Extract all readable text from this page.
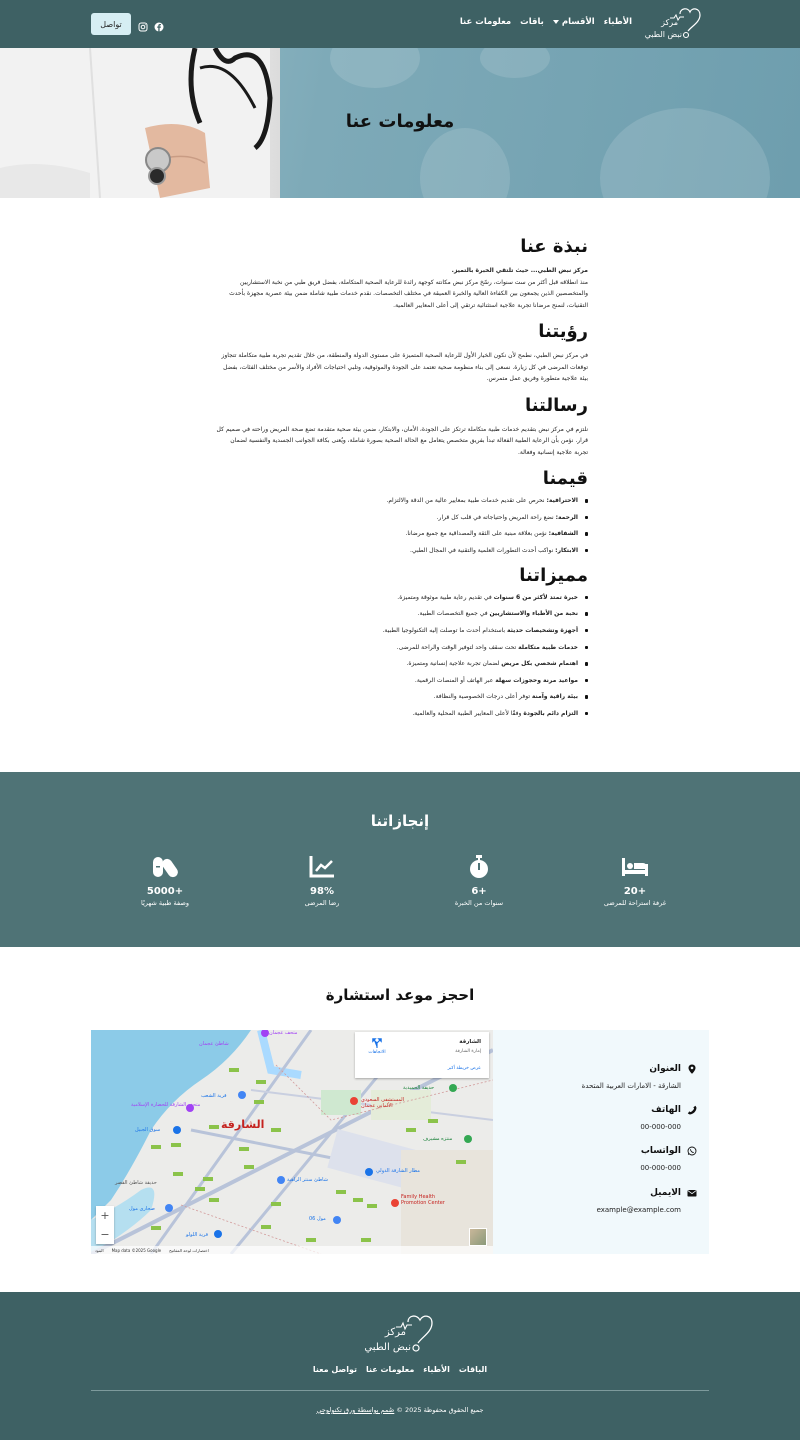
مركز
نبض الطبي
معلومات عنا باقات الأقسام الأطباء
تواصل
معلومات عنا
نبذة عنا

مركز نبض الطبي... حيث تلتقي الخبرة بالتميز.

منذ انطلاقه قبل أكثر من ست سنوات، رسّخ مركز نبض مكانته كوجهة رائدة للرعاية الصحية المتكاملة، بفضل فريق طبي من نخبة الاستشاريين والمتخصصين الذين يجمعون بين الكفاءة العالية والخبرة العميقة في مختلف التخصصات. نقدم خدمات طبية شاملة ضمن بيئة عصرية مجهزة بأحدث التقنيات، لنمنح مرضانا تجربة علاجية استثنائية ترتقي إلى أعلى المعايير العالمية.

رؤيتنا

في مركز نبض الطبي، نطمح لأن نكون الخيار الأول للرعاية الصحية المتميزة على مستوى الدولة والمنطقة، من خلال تقديم تجربة طبية متكاملة تتجاوز توقعات المرضى في كل زيارة. نسعى إلى بناء منظومة صحية تعتمد على الجودة والموثوقية، وتلبي احتياجات الأفراد والأسر من مختلف الفئات، بفضل بيئة علاجية متطورة وفريق عمل متمرس.

رسالتنا

نلتزم في مركز نبض بتقديم خدمات طبية متكاملة ترتكز على الجودة، الأمان، والابتكار، ضمن بيئة صحية متقدمة تضع صحة المريض وراحته في صميم كل قرار. نؤمن بأن الرعاية الطبية الفعالة تبدأ بفريق متخصص يتعامل مع الحالة الصحية بصورة شاملة، ويُعنى بكافة الجوانب الجسدية والنفسية لضمان تجربة علاجية إنسانية وفعالة.

قيمنا
الاحترافية: نحرص على تقديم خدمات طبية بمعايير عالية من الدقة والالتزام.
الرحمة: نضع راحة المريض واحتياجاته في قلب كل قرار.
الشفافية: نؤمن بعلاقة مبنية على الثقة والمصداقية مع جميع مرضانا.
الابتكار: نواكب أحدث التطورات العلمية والتقنية في المجال الطبي.
مميزاتنا
خبرة تمتد لأكثر من 6 سنوات في تقديم رعاية طبية موثوقة ومتميزة.
نخبة من الأطباء والاستشاريين في جميع التخصصات الطبية.
أجهزة وتشخيصات حديثة باستخدام أحدث ما توصلت إليه التكنولوجيا الطبية.
خدمات طبية متكاملة تحت سقف واحد لتوفير الوقت والراحة للمرضى.
اهتمام شخصي بكل مريض لضمان تجربة علاجية إنسانية ومتميزة.
مواعيد مرنة وحجوزات سهلة عبر الهاتف أو المنصات الرقمية.
بيئة راقية وآمنة توفر أعلى درجات الخصوصية والنظافة.
التزام دائم بالجودة وفقًا لأعلى المعايير الطبية المحلية والعالمية.
إنجازاتنا
20+
غرفة استراحة للمرضى
6+
سنوات من الخبرة
98%
رضا المرضى
5000+
وصفة طبية شهريًا
احجز موعد استشارة
شاطئ عجمان
متحف عجمان
قرية الشعب
متحف الشارقة للحضارة الإسلامية
سوق الجبيل
حديقة شاطئ القصر
صحارى مول
قرية اللولو
حديقة الحميدية
المستشفى السعودي الألماني عجمان
منتزه مشيرف
مطار الشارقة الدولي
شاطئ سنتر الراهية
Family Health Promotion Center
مول 06
الشارقة
الشارقة
إمارة الشارقة
عرض خريطة أكبر
الاتجاهات
+
−
البنود Map data ©2025 Google اختصارات لوحة المفاتيح
العنوان
الشارقة - الامارات العربية المتحدة
الهاتف
00-000-000
الواتساب
00-000-000
الايميل
example@example.com
مركز
نبض الطبي
الباقات
الأطباء
معلومات عنا
تواصل معنا
جميع الحقوق محفوظة 2025 © صُمم بواسطة ورق تكنولوجي
